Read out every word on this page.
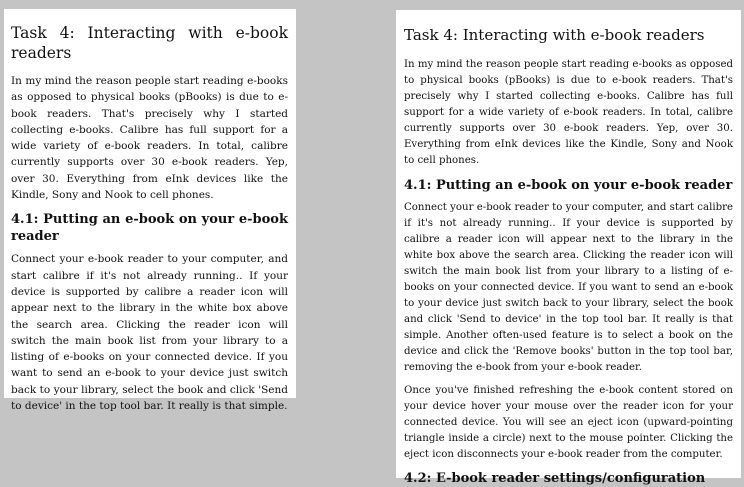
Task 4: Interacting with e-book readers

In my mind the reason people start reading e-books as opposed to physical books (pBooks) is due to e-book readers. That's precisely why I started collecting e-books. Calibre has full support for a wide variety of e-book readers. In total, calibre currently supports over 30 e-book readers. Yep, over 30. Everything from eInk devices like the Kindle, Sony and Nook to cell phones.

4.1: Putting an e-book on your e-book reader

Connect your e-book reader to your computer, and start calibre if it's not already running.. If your device is supported by calibre a reader icon will appear next to the library in the white box above the search area. Clicking the reader icon will switch the main book list from your library to a listing of e-books on your connected device. If you want to send an e-book to your device just switch back to your library, select the book and click 'Send to device' in the top tool bar. It really is that simple.

Task 4: Interacting with e-book readers

In my mind the reason people start reading e-books as opposed to physical books (pBooks) is due to e-book readers. That's precisely why I started collecting e-books. Calibre has full support for a wide variety of e-book readers. In total, calibre currently supports over 30 e-book readers. Yep, over 30. Everything from eInk devices like the Kindle, Sony and Nook to cell phones.

4.1: Putting an e-book on your e-book reader

Connect your e-book reader to your computer, and start calibre if it's not already running.. If your device is supported by calibre a reader icon will appear next to the library in the white box above the search area. Clicking the reader icon will switch the main book list from your library to a listing of e-books on your connected device. If you want to send an e-book to your device just switch back to your library, select the book and click 'Send to device' in the top tool bar. It really is that simple. Another often-used feature is to select a book on the device and click the 'Remove books' button in the top tool bar, removing the e-book from your e-book reader.

Once you've finished refreshing the e-book content stored on your device hover your mouse over the reader icon for your connected device. You will see an eject icon (upward-pointing triangle inside a circle) next to the mouse pointer. Clicking the eject icon disconnects your e-book reader from the computer.

4.2: E-book reader settings/configuration
